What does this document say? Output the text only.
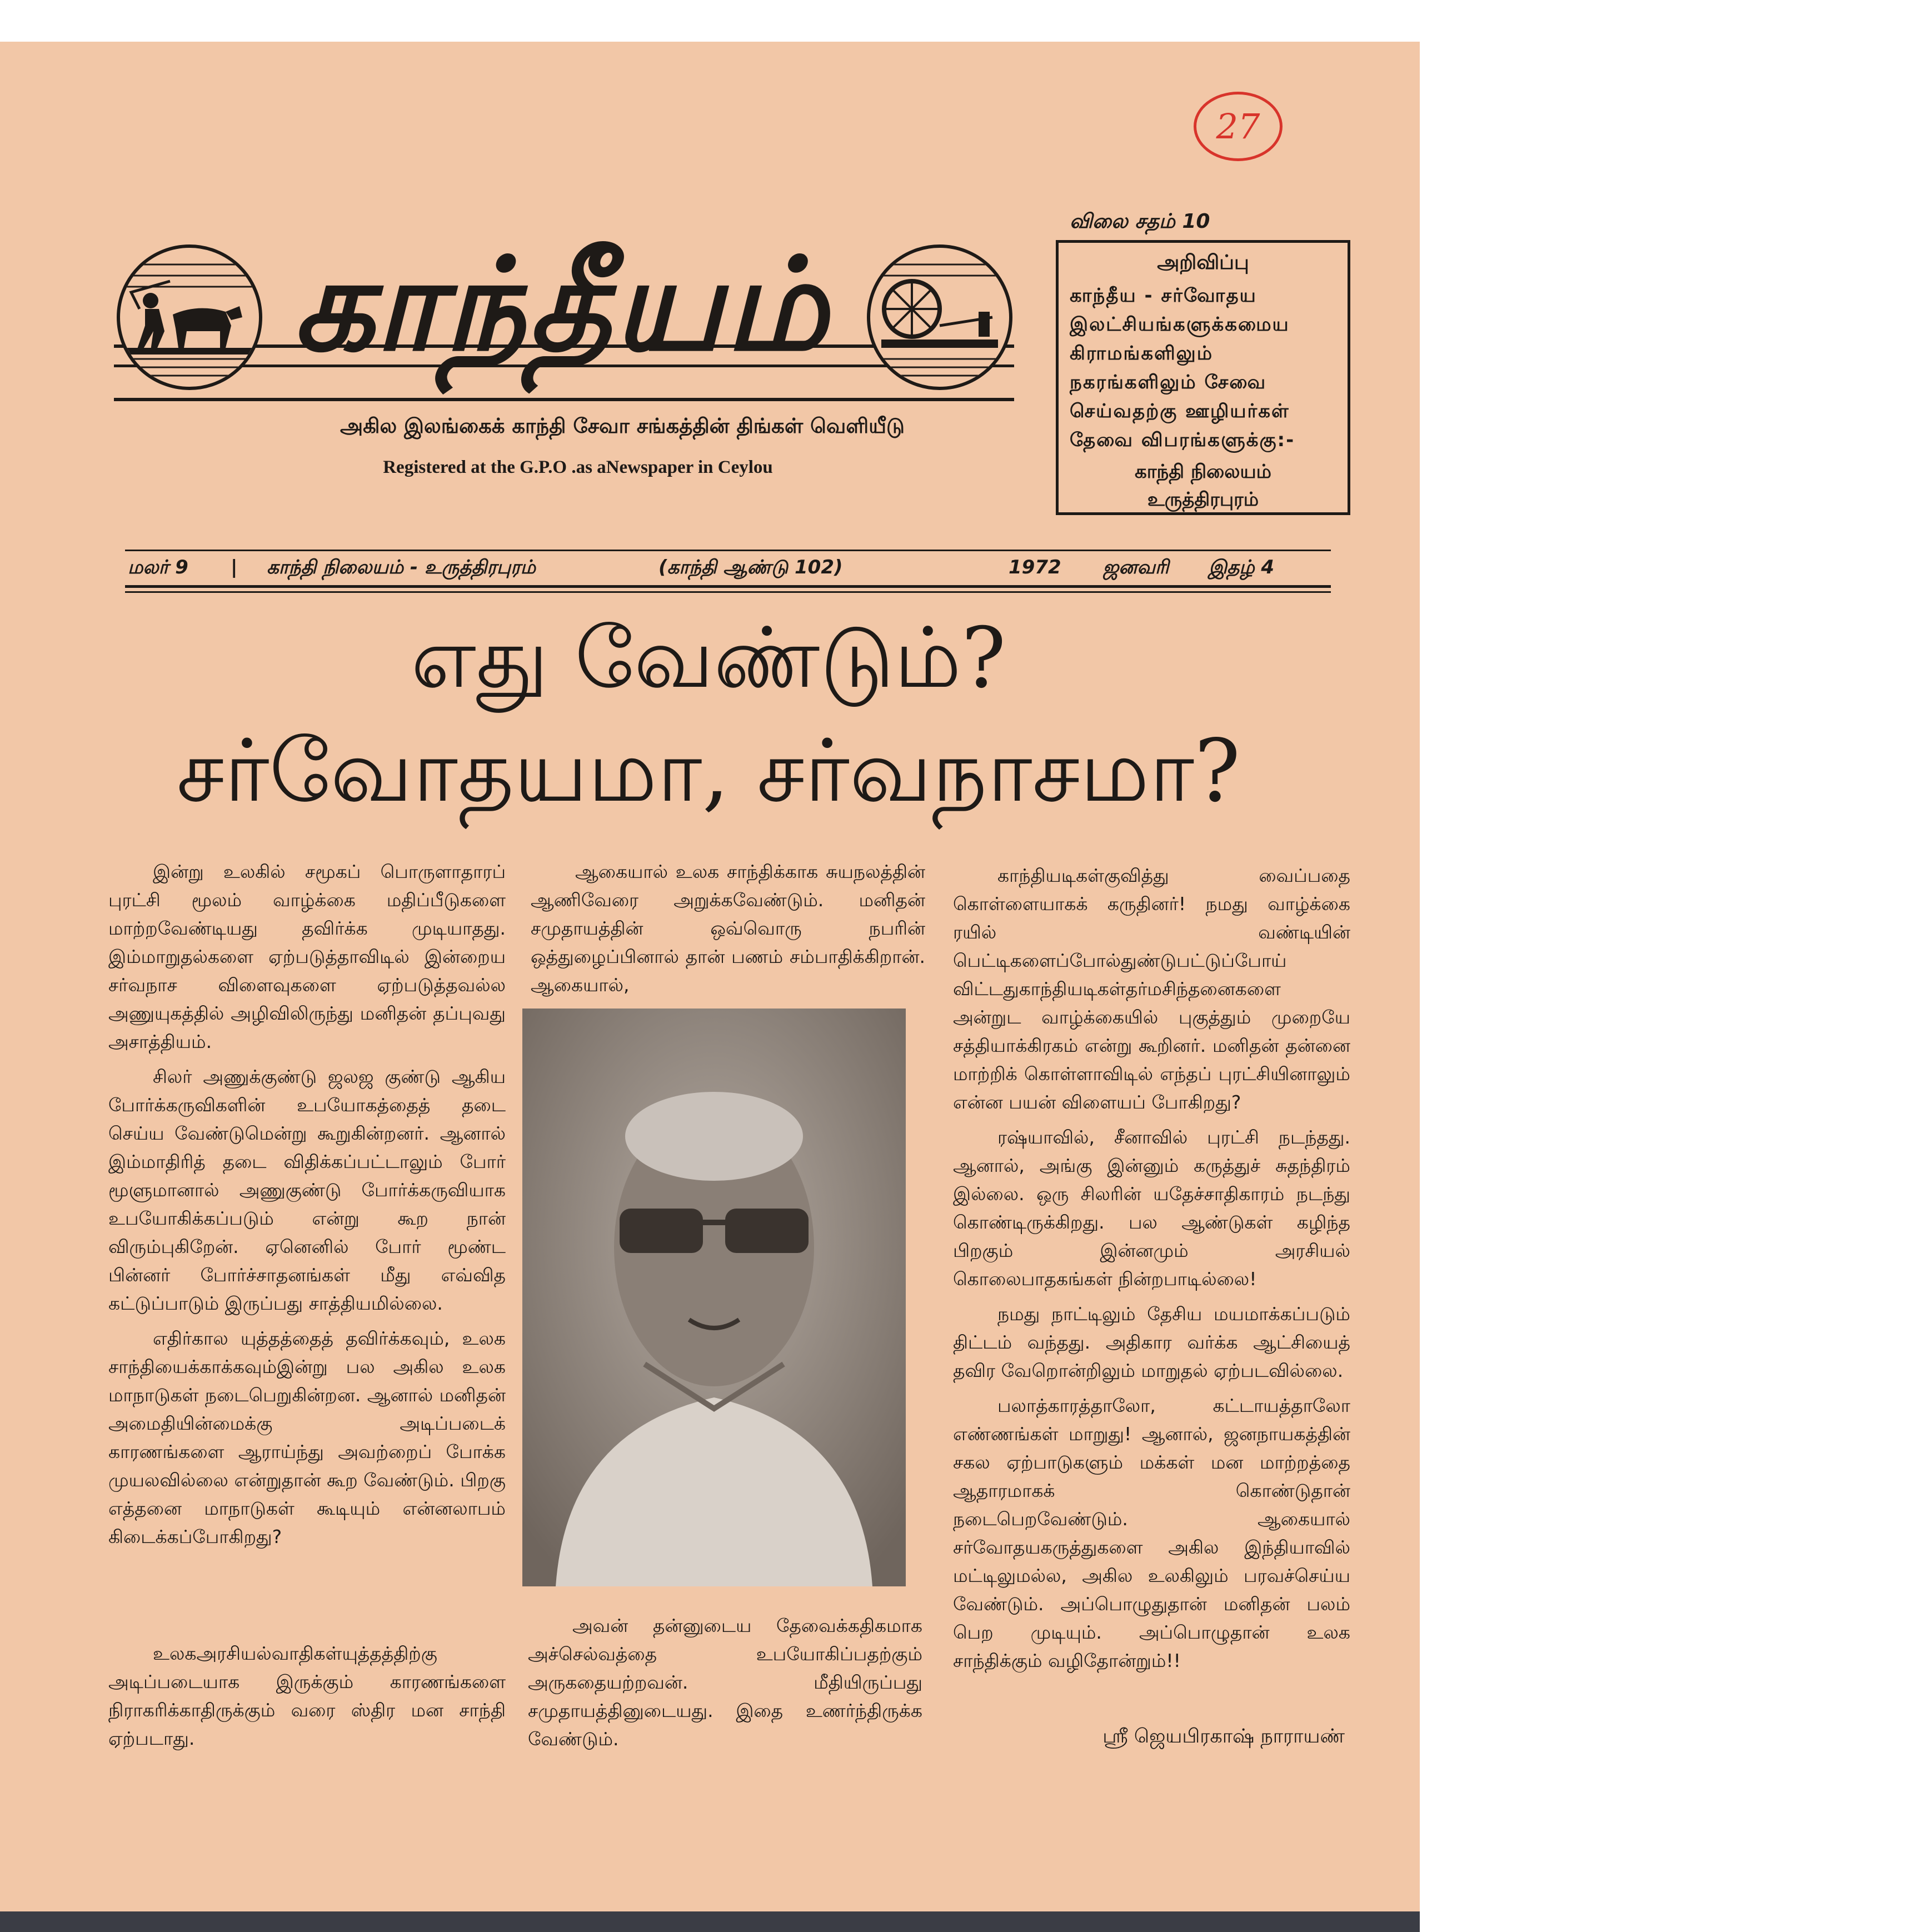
27
காந்தீயம்
அகில இலங்கைக் காந்தி சேவா சங்கத்தின் திங்கள் வெளியீடு
Registered at the G.P.O .as aNewspaper in Ceylou
விலை சதம் 10
அறிவிப்பு
காந்தீய - சர்வோதய இலட்சியங்களுக்கமைய கிராமங்களிலும் நகரங்களிலும் சேவை செய்வதற்கு ஊழியர்கள் தேவை விபரங்களுக்கு:-
காந்தி நிலையம்
உருத்திரபுரம்
மலர் 9 | காந்தி நிலையம் - உருத்திரபுரம்	(காந்தி ஆண்டு 102)	1972 ஜனவரி இதழ் 4
எது வேண்டும்?
சர்வோதயமா, சர்வநாசமா?

இன்று உலகில் சமூகப் பொருளாதாரப் புரட்சி மூலம் வாழ்க்கை மதிப்பீடுகளை மாற்றவேண்டியது தவிர்க்க முடியாதது. இம்மாறுதல்களை ஏற்படுத்தாவிடில் இன்றைய சர்வநாச விளைவுகளை ஏற்படுத்தவல்ல அணுயுகத்தில் அழிவிலிருந்து மனிதன் தப்புவது அசாத்தியம்.

சிலர் அணுக்குண்டு ஜலஜ குண்டு ஆகிய போர்க்கருவிகளின் உபயோகத்தைத் தடை செய்ய வேண்டுமென்று கூறுகின்றனர். ஆனால் இம்மாதிரித் தடை விதிக்கப்பட்டாலும் போர் மூளுமானால் அணுகுண்டு போர்க்கருவியாக உபயோகிக்கப்படும் என்று கூற நான் விரும்புகிறேன். ஏனெனில் போர் மூண்ட பின்னர் போர்ச்சாதனங்கள் மீது எவ்வித கட்டுப்பாடும் இருப்பது சாத்தியமில்லை.

எதிர்கால யுத்தத்தைத் தவிர்க்கவும், உலக சாந்தியைக்காக்கவும்இன்று பல அகில உலக மாநாடுகள் நடைபெறுகின்றன. ஆனால் மனிதன் அமைதியின்மைக்கு அடிப்படைக் காரணங்களை ஆராய்ந்து அவற்றைப் போக்க முயலவில்லை என்றுதான் கூற வேண்டும். பிறகு எத்தனை மாநாடுகள் கூடியும் என்னலாபம் கிடைக்கப்போகிறது?

உலகஅரசியல்வாதிகள்யுத்தத்திற்கு அடிப்படையாக இருக்கும் காரணங்களை நிராகரிக்காதிருக்கும் வரை ஸ்திர மன சாந்தி ஏற்படாது.

ஆகையால் உலக சாந்திக்காக சுயநலத்தின் ஆணிவேரை அறுக்கவேண்டும். மனிதன் சமுதாயத்தின் ஒவ்வொரு நபரின் ஒத்துழைப்பினால் தான் பணம் சம்பாதிக்கிறான். ஆகையால்,

அவன் தன்னுடைய தேவைக்கதிகமாக அச்செல்வத்தை உபயோகிப்பதற்கும் அருகதையற்றவன். மீதியிருப்பது சமுதாயத்தினுடையது. இதை உணர்ந்திருக்க வேண்டும்.

காந்தியடிகள்குவித்து வைப்பதை கொள்ளையாகக் கருதினர்! நமது வாழ்க்கை ரயில் வண்டியின் பெட்டிகளைப்போல்துண்டுபட்டுப்போய் விட்டதுகாந்தியடிகள்தர்மசிந்தனைகளை அன்றுட வாழ்க்கையில் புகுத்தும் முறையே சத்தியாக்கிரகம் என்று கூறினர். மனிதன் தன்னை மாற்றிக் கொள்ளாவிடில் எந்தப் புரட்சியினாலும் என்ன பயன் விளையப் போகிறது?

ரஷ்யாவில், சீனாவில் புரட்சி நடந்தது. ஆனால், அங்கு இன்னும் கருத்துச் சுதந்திரம் இல்லை. ஒரு சிலரின் யதேச்சாதிகாரம் நடந்து கொண்டிருக்கிறது. பல ஆண்டுகள் கழிந்த பிறகும் இன்னமும் அரசியல் கொலைபாதகங்கள் நின்றபாடில்லை!

நமது நாட்டிலும் தேசிய மயமாக்கப்படும் திட்டம் வந்தது. அதிகார வர்க்க ஆட்சியைத் தவிர வேறொன்றிலும் மாறுதல் ஏற்படவில்லை.

பலாத்காரத்தாலோ, கட்டாயத்தாலோ எண்ணங்கள் மாறுது! ஆனால், ஜனநாயகத்தின் சகல ஏற்பாடுகளும் மக்கள் மன மாற்றத்தை ஆதாரமாகக் கொண்டுதான் நடைபெறவேண்டும். ஆகையால் சர்வோதயகருத்துகளை அகில இந்தியாவில் மட்டிலுமல்ல, அகில உலகிலும் பரவச்செய்ய வேண்டும். அப்பொழுதுதான் மனிதன் பலம் பெற முடியும். அப்பொழுதான் உலக சாந்திக்கும் வழிதோன்றும்!!

ஸ்ரீ ஜெயபிரகாஷ் நாராயண்
